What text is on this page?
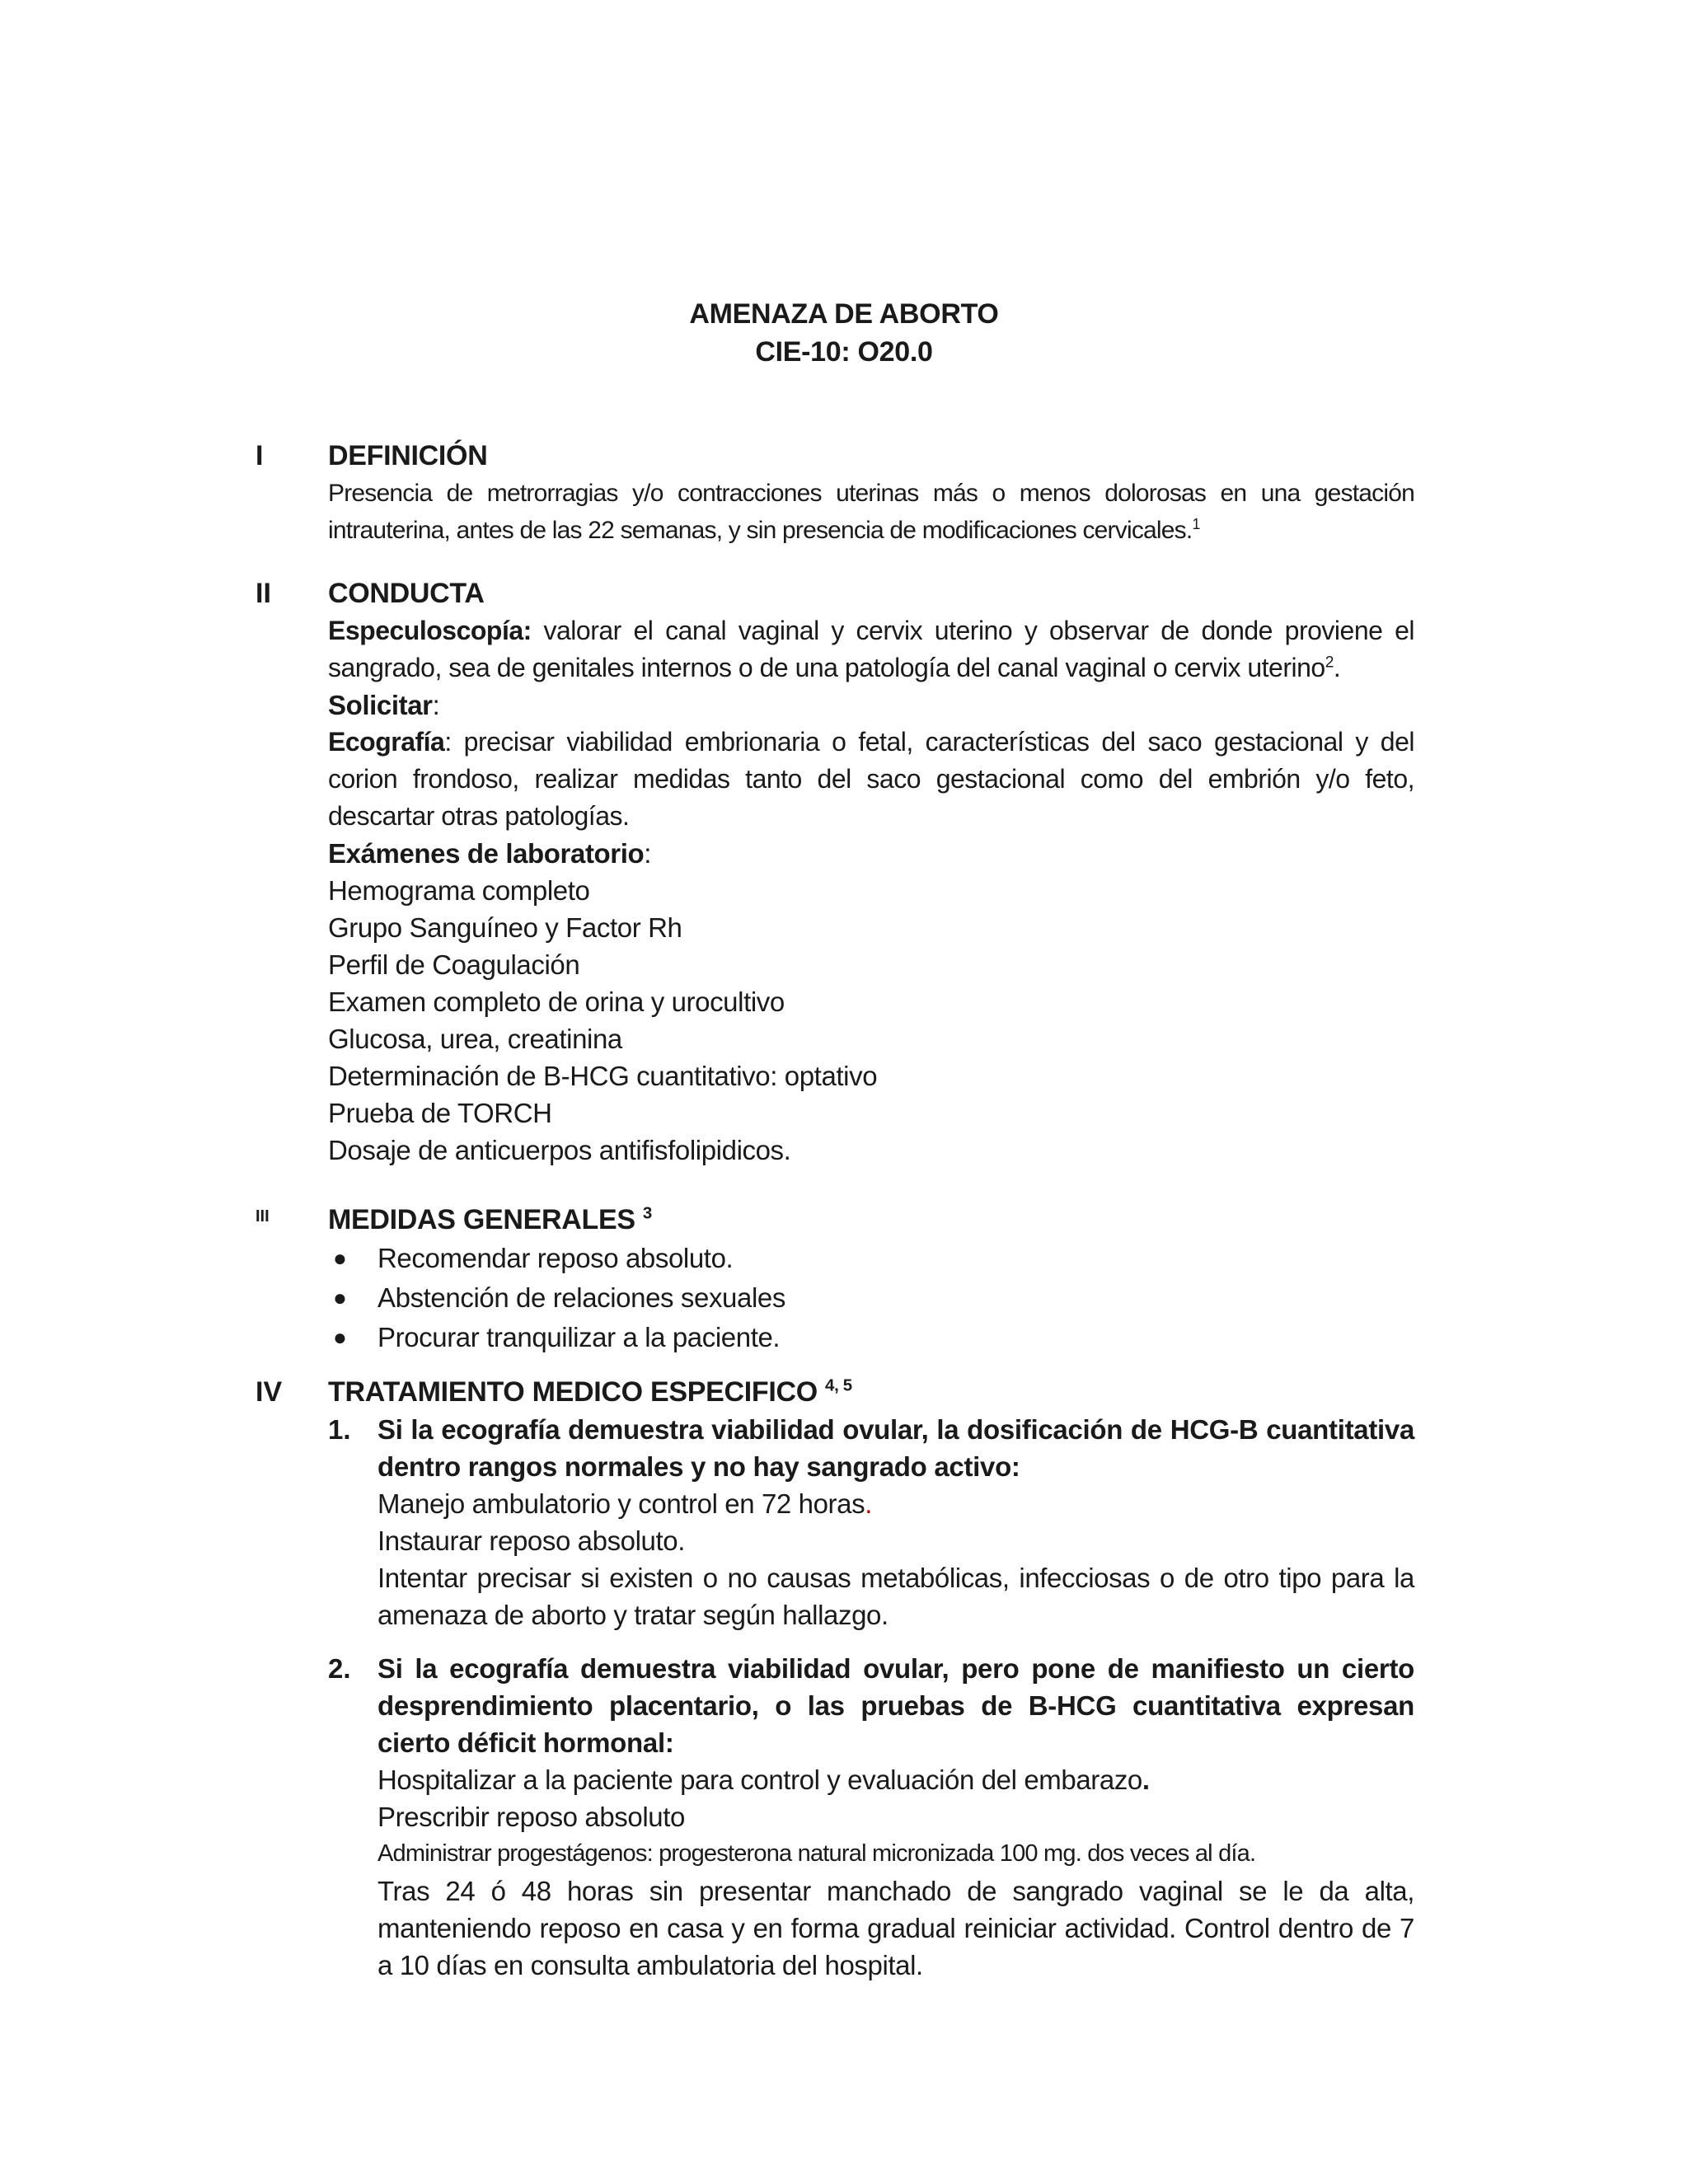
AMENAZA DE ABORTO
CIE-10: O20.0
I DEFINICIÓN
Presencia de metrorragias y/o contracciones uterinas más o menos dolorosas en una gestación intrauterina, antes de las 22 semanas, y sin presencia de modificaciones cervicales.$^1$
II CONDUCTA
Especuloscopía: valorar el canal vaginal y cervix uterino y observar de donde proviene el sangrado, sea de genitales internos o de una patología del canal vaginal o cervix uterino$^2$.
Solicitar:
Ecografía: precisar viabilidad embrionaria o fetal, características del saco gestacional y del corion frondoso, realizar medidas tanto del saco gestacional como del embrión y/o feto, descartar otras patologías.
Exámenes de laboratorio:
Hemograma completo
Grupo Sanguíneo y Factor Rh
Perfil de Coagulación
Examen completo de orina y urocultivo
Glucosa, urea, creatinina
Determinación de B-HCG cuantitativo: optativo
Prueba de TORCH
Dosaje de anticuerpos antifisfolipidicos.
III MEDIDAS GENERALES $^3$
● Recomendar reposo absoluto.
● Abstención de relaciones sexuales
● Procurar tranquilizar a la paciente.
IV TRATAMIENTO MEDICO ESPECIFICO $^{4, 5}$
1. Si la ecografía demuestra viabilidad ovular, la dosificación de HCG-B cuantitativa dentro rangos normales y no hay sangrado activo:
Manejo ambulatorio y control en 72 horas.
Instaurar reposo absoluto.
Intentar precisar si existen o no causas metabólicas, infecciosas o de otro tipo para la amenaza de aborto y tratar según hallazgo.
2. Si la ecografía demuestra viabilidad ovular, pero pone de manifiesto un cierto desprendimiento placentario, o las pruebas de B-HCG cuantitativa expresan cierto déficit hormonal:
Hospitalizar a la paciente para control y evaluación del embarazo.
Prescribir reposo absoluto
Administrar progestágenos: progesterona natural micronizada 100 mg. dos veces al día.
Tras 24 ó 48 horas sin presentar manchado de sangrado vaginal se le da alta, manteniendo reposo en casa y en forma gradual reiniciar actividad. Control dentro de 7 a 10 días en consulta ambulatoria del hospital.
